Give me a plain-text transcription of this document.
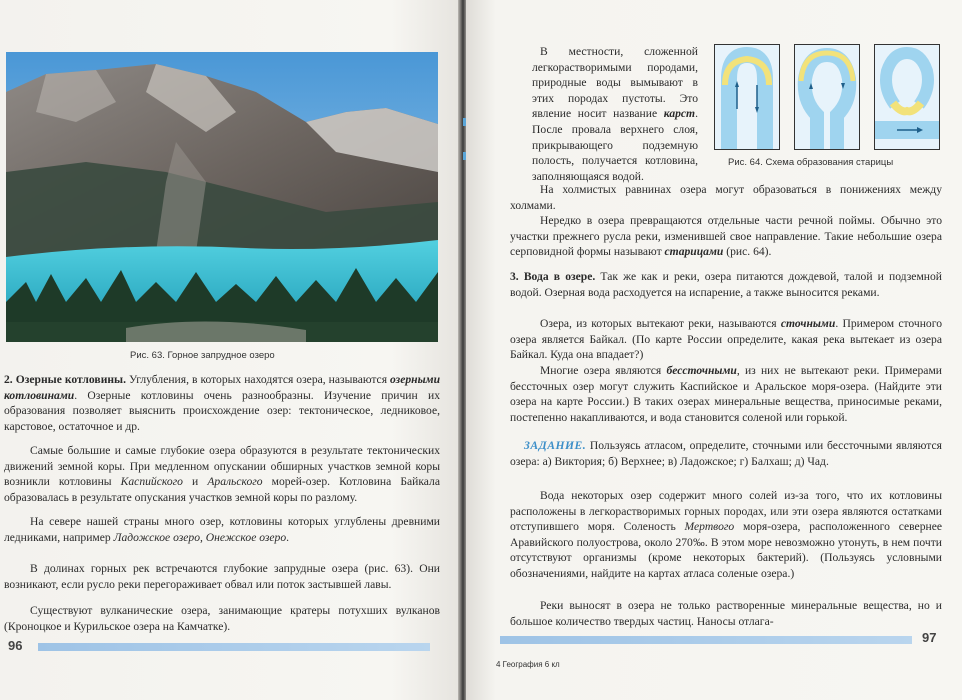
Рис. 63. Горное запрудное озеро

2. Озерные котловины. Углубления, в которых находятся озера, называются озерными котловинами. Озерные котловины очень разнообразны. Изучение причин их образования позволяет выяснить происхождение озер: тектоническое, ледниковое, карстовое, остаточное и др.

Самые большие и самые глубокие озера образуются в результате тектонических движений земной коры. При медленном опускании обширных участков земной коры возникли котловины Каспийского и Аральского морей-озер. Котловина Байкала образовалась в результате опускания участков земной коры по разлому.

На севере нашей страны много озер, котловины которых углублены древними ледниками, например Ладожское озеро, Онежское озеро.

В долинах горных рек встречаются глубокие запрудные озера (рис. 63). Они возникают, если русло реки перегораживает обвал или поток застывшей лавы.

Существуют вулканические озера, занимающие кратеры потухших вулканов (Кроноцкое и Курильское озера на Камчатке).

96

В местности, сложенной легкорастворимыми породами, природные воды вымывают в этих породах пустоты. Это явление носит название карст. После провала верхнего слоя, прикрывающего подземную полость, получается котловина, заполняющаяся водой.

Рис. 64. Схема образования старицы

На холмистых равнинах озера могут образоваться в понижениях между холмами.

Нередко в озера превращаются отдельные части речной поймы. Обычно это участки прежнего русла реки, изменившей свое направление. Такие небольшие озера серповидной формы называют старицами (рис. 64).

3. Вода в озере. Так же как и реки, озера питаются дождевой, талой и подземной водой. Озерная вода расходуется на испарение, а также выносится реками.

Озера, из которых вытекают реки, называются сточными. Примером сточного озера является Байкал. (По карте России определите, какая река вытекает из озера Байкал. Куда она впадает?)

Многие озера являются бессточными, из них не вытекают реки. Примерами бессточных озер могут служить Каспийское и Аральское моря-озера. (Найдите эти озера на карте России.) В таких озерах минеральные вещества, приносимые реками, постепенно накапливаются, и вода становится соленой или горькой.

ЗАДАНИЕ. Пользуясь атласом, определите, сточными или бессточными являются озера: а) Виктория; б) Верхнее; в) Ладожское; г) Балхаш; д) Чад.

Вода некоторых озер содержит много солей из-за того, что их котловины расположены в легкорастворимых горных породах, или эти озера являются остатками отступившего моря. Соленость Мертвого моря-озера, расположенного севернее Аравийского полуострова, около 270‰. В этом море невозможно утонуть, в нем почти отсутствуют организмы (кроме некоторых бактерий). (Пользуясь условными обозначениями, найдите на картах атласа соленые озера.)

Реки выносят в озера не только растворенные минеральные вещества, но и большое количество твердых частиц. Наносы отлага-

97
4 География 6 кл
